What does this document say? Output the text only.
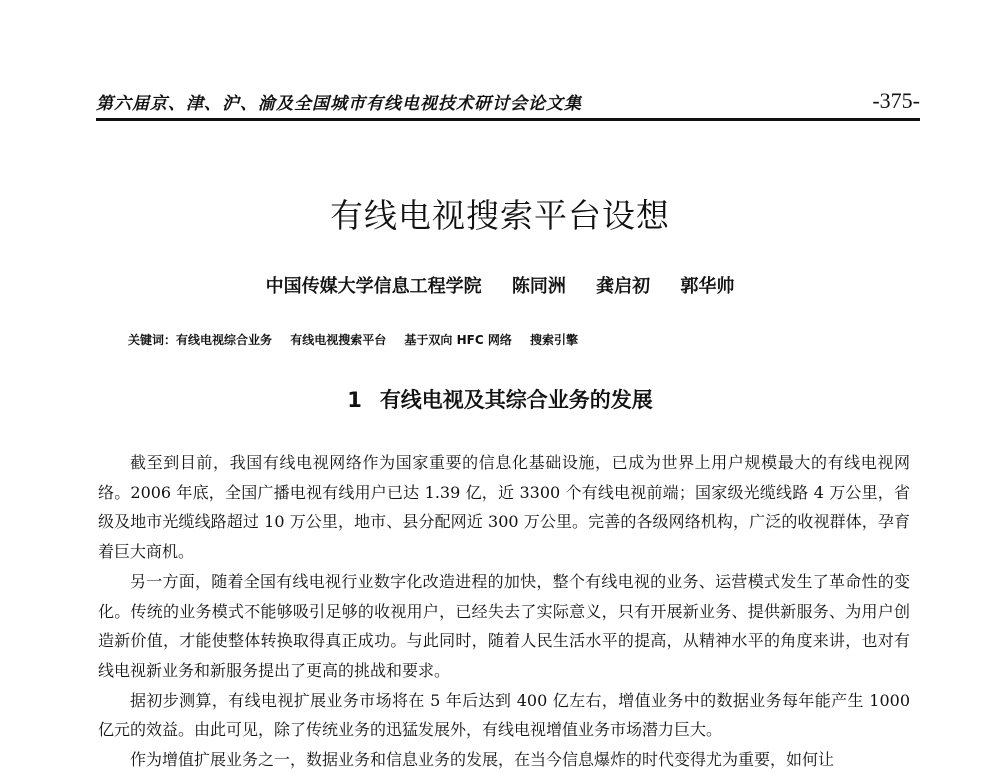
第六届京、津、沪、渝及全国城市有线电视技术研讨会论文集	-375-
有线电视搜索平台设想
中国传媒大学信息工程学院 陈同洲 龚启初 郭华帅
关键词：有线电视综合业务 有线电视搜索平台 基于双向 HFC 网络 搜索引擎
1 有线电视及其综合业务的发展

截至到目前，我国有线电视网络作为国家重要的信息化基础设施，已成为世界上用户规模最大的有线电视网络。2006 年底，全国广播电视有线用户已达 1.39 亿，近 3300 个有线电视前端；国家级光缆线路 4 万公里，省级及地市光缆线路超过 10 万公里，地市、县分配网近 300 万公里。完善的各级网络机构，广泛的收视群体，孕育着巨大商机。

另一方面，随着全国有线电视行业数字化改造进程的加快，整个有线电视的业务、运营模式发生了革命性的变化。传统的业务模式不能够吸引足够的收视用户，已经失去了实际意义，只有开展新业务、提供新服务、为用户创造新价值，才能使整体转换取得真正成功。与此同时，随着人民生活水平的提高，从精神水平的角度来讲，也对有线电视新业务和新服务提出了更高的挑战和要求。

据初步测算，有线电视扩展业务市场将在 5 年后达到 400 亿左右，增值业务中的数据业务每年能产生 1000 亿元的效益。由此可见，除了传统业务的迅猛发展外，有线电视增值业务市场潜力巨大。

作为增值扩展业务之一，数据业务和信息业务的发展，在当今信息爆炸的时代变得尤为重要，如何让
